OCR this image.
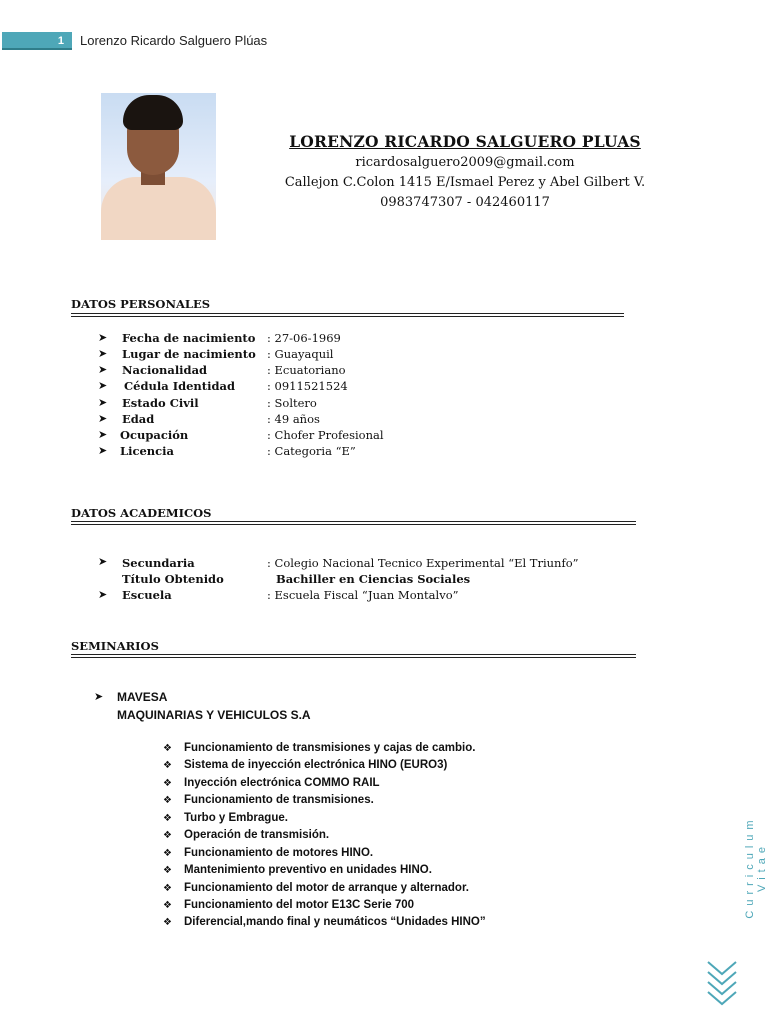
1	Lorenzo Ricardo Salguero Plúas
LORENZO RICARDO SALGUERO PLUAS
ricardosalguero2009@gmail.com
Callejon C.Colon 1415 E/Ismael Perez y Abel Gilbert V.
0983747307 - 042460117
DATOS PERSONALES
➤ Fecha de nacimiento : 27-06-1969
➤ Lugar de nacimiento : Guayaquil
➤ Nacionalidad	: Ecuatoriano
➤ Cédula Identidad	: 0911521524
➤ Estado Civil	: Soltero
➤ Edad	: 49 años
➤ Ocupación	: Chofer Profesional
➤ Licencia	: Categoria “E”
DATOS ACADEMICOS
➤ Secundaria	: Colegio Nacional Tecnico Experimental “El Triunfo”
Título Obtenido	Bachiller en Ciencias Sociales
➤ Escuela	: Escuela Fiscal “Juan Montalvo”
SEMINARIOS
➤ MAVESA
MAQUINARIAS Y VEHICULOS S.A
❖ Funcionamiento de transmisiones y cajas de cambio.
❖ Sistema de inyección electrónica HINO (EURO3)
❖ Inyección electrónica COMMO RAIL
❖ Funcionamiento de transmisiones.
❖ Turbo y Embrague.
❖ Operación de transmisión.
❖ Funcionamiento de motores HINO.
❖ Mantenimiento preventivo en unidades HINO.
❖ Funcionamiento del motor de arranque y alternador.
❖ Funcionamiento del motor E13C Serie 700
❖ Diferencial,mando final y neumáticos “Unidades HINO”
Curriculum Vitae
